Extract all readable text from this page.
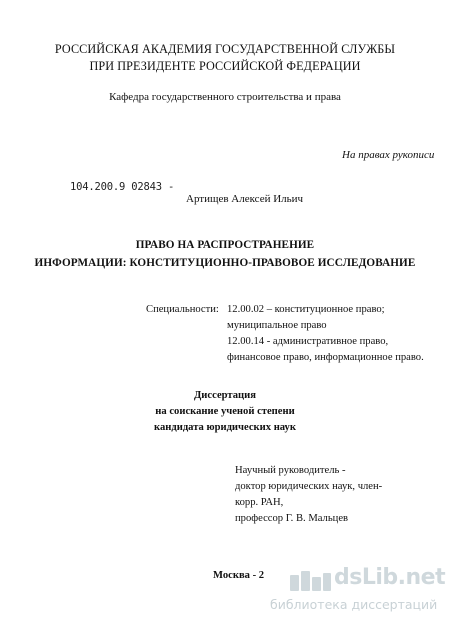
РОССИЙСКАЯ АКАДЕМИЯ ГОСУДАРСТВЕННОЙ СЛУЖБЫ
ПРИ ПРЕЗИДЕНТЕ РОССИЙСКОЙ ФЕДЕРАЦИИ
Кафедра государственного строительства и права
На правах рукописи
104.200.9 02843 -
Артищев Алексей Ильич
ПРАВО НА РАСПРОСТРАНЕНИЕ
ИНФОРМАЦИИ: КОНСТИТУЦИОННО-ПРАВОВОЕ ИССЛЕДОВАНИЕ
Специальности: 12.00.02 – конституционное право;
муниципальное право
12.00.14 - административное право,
финансовое право, информационное право.
Диссертация
на соискание ученой степени
кандидата юридических наук
Научный руководитель -
доктор юридических наук, член-
корр. РАН,
профессор Г. В. Мальцев
Москва - 2	dsLib.net
библиотека диссертаций
